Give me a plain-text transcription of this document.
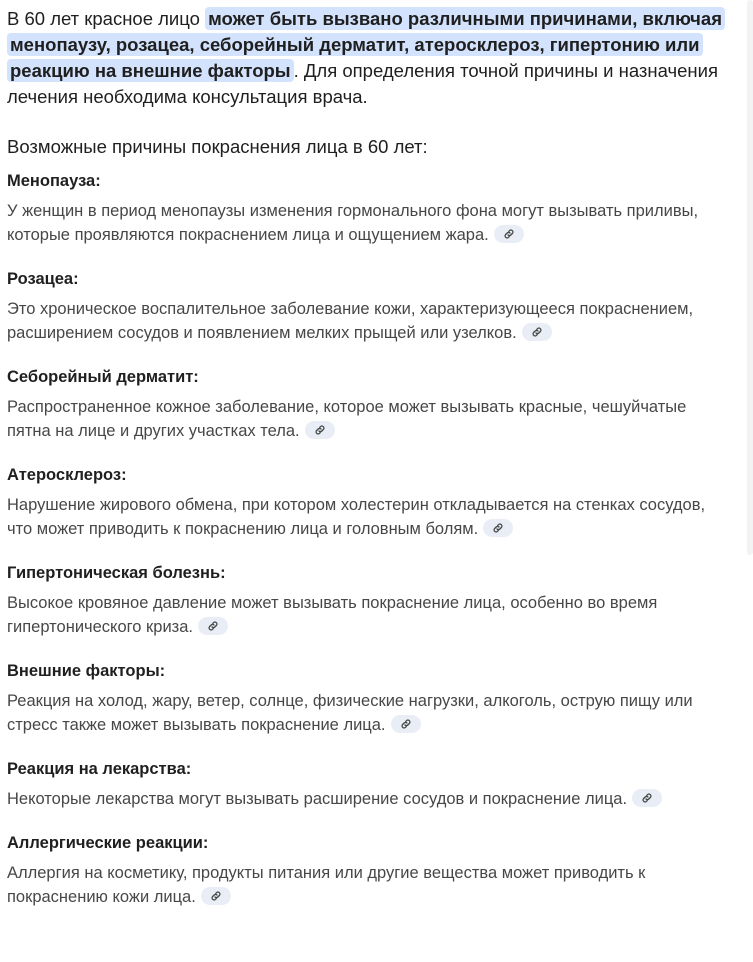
В 60 лет красное лицо может быть вызвано различными причинами, включая менопаузу, розацеа, себорейный дерматит, атеросклероз, гипертонию или реакцию на внешние факторы . Для определения точной причины и назначения лечения необходима консультация врача.

Возможные причины покраснения лица в 60 лет:
Менопауза:

У женщин в период менопаузы изменения гормонального фона могут вызывать приливы, которые проявляются покраснением лица и ощущением жара.

Розацеа:

Это хроническое воспалительное заболевание кожи, характеризующееся покраснением, расширением сосудов и появлением мелких прыщей или узелков.

Себорейный дерматит:

Распространенное кожное заболевание, которое может вызывать красные, чешуйчатые пятна на лице и других участках тела.

Атеросклероз:

Нарушение жирового обмена, при котором холестерин откладывается на стенках сосудов, что может приводить к покраснению лица и головным болям.

Гипертоническая болезнь:

Высокое кровяное давление может вызывать покраснение лица, особенно во время гипертонического криза.

Внешние факторы:

Реакция на холод, жару, ветер, солнце, физические нагрузки, алкоголь, острую пищу или стресс также может вызывать покраснение лица.

Реакция на лекарства:

Некоторые лекарства могут вызывать расширение сосудов и покраснение лица.

Аллергические реакции:

Аллергия на косметику, продукты питания или другие вещества может приводить к покраснению кожи лица.
